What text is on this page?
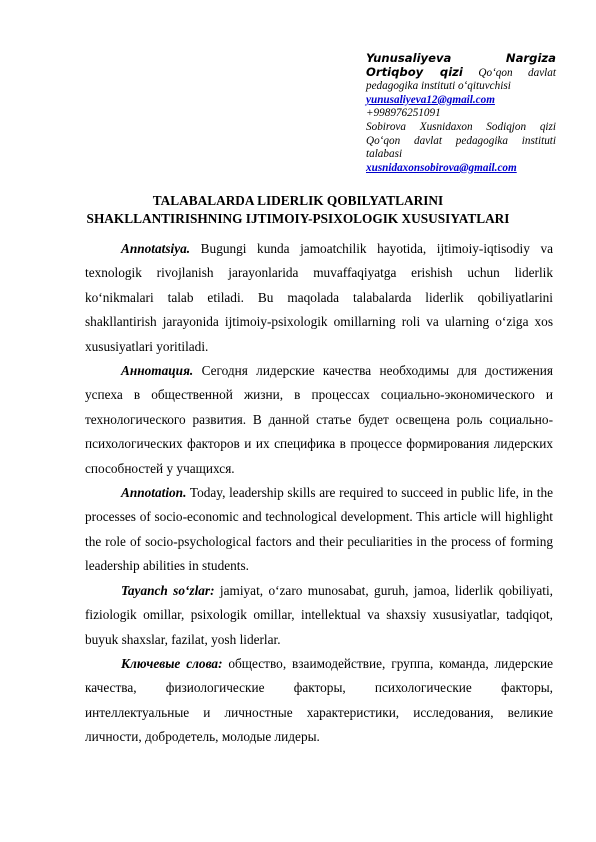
Yunusaliyeva Nargiza
Ortiqboy qizi Qo‘qon davlat pedagogika instituti o‘qituvchisi
yunusaliyeva12@gmail.com
+998976251091
Sobirova Xusnidaxon Sodiqjon qizi Qo‘qon davlat pedagogika instituti talabasi
xusnidaxonsobirova@gmail.com
TALABALARDA LIDERLIK QOBILYATLARINI
SHAKLLANTIRISHNING IJTIMOIY-PSIXOLOGIK XUSUSIYATLARI

Annotatsiya. Bugungi kunda jamoatchilik hayotida, ijtimoiy-iqtisodiy va texnologik rivojlanish jarayonlarida muvaffaqiyatga erishish uchun liderlik ko‘nikmalari talab etiladi. Bu maqolada talabalarda liderlik qobiliyatlarini shakllantirish jarayonida ijtimoiy-psixologik omillarning roli va ularning o‘ziga xos xususiyatlari yoritiladi.

Аннотация. Сегодня лидерские качества необходимы для достижения успеха в общественной жизни, в процессах социально-экономического и технологического развития. В данной статье будет освещена роль социально-психологических факторов и их специфика в процессе формирования лидерских способностей у учащихся.

Annotation. Today, leadership skills are required to succeed in public life, in the processes of socio-economic and technological development. This article will highlight the role of socio-psychological factors and their peculiarities in the process of forming leadership abilities in students.

Tayanch so‘zlar: jamiyat, o‘zaro munosabat, guruh, jamoa, liderlik qobiliyati, fiziologik omillar, psixologik omillar, intellektual va shaxsiy xususiyatlar, tadqiqot, buyuk shaxslar, fazilat, yosh liderlar.

Ключевые слова: общество, взаимодействие, группа, команда, лидерские качества, физиологические факторы, психологические факторы, интеллектуальные и личностные характеристики, исследования, великие личности, добродетель, молодые лидеры.
